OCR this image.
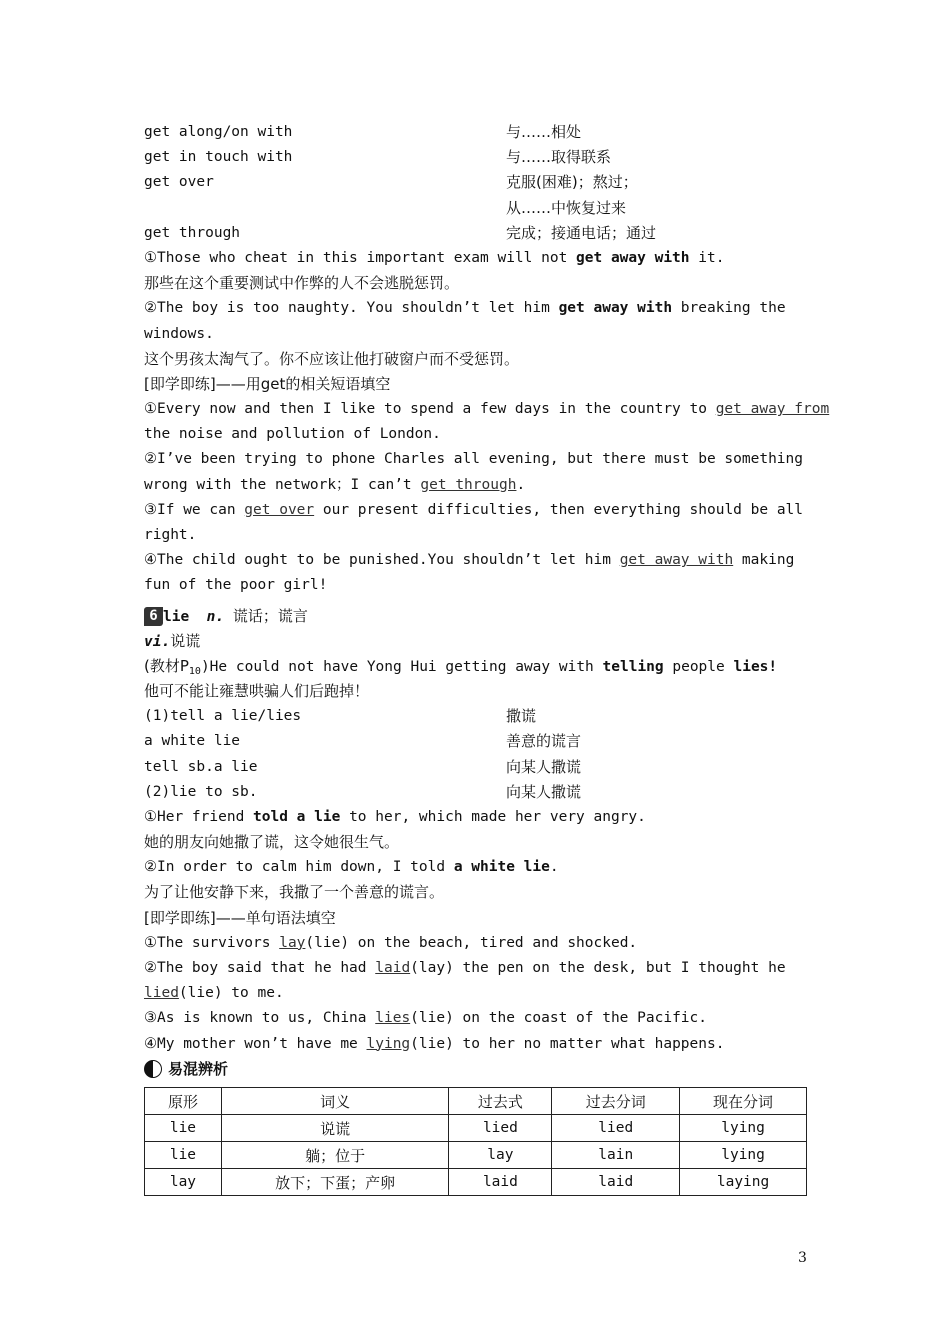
get along/on with	与……相处
get in touch with	与……取得联系
get over	克服(困难)；熬过；
从……中恢复过来
get through	完成；接通电话；通过
①Those who cheat in this important exam will not get away with it.
那些在这个重要测试中作弊的人不会逃脱惩罚。
②The boy is too naughty. You shouldn’t let him get away with breaking the
windows.
这个男孩太淘气了。你不应该让他打破窗户而不受惩罚。
[即学即练]——用get的相关短语填空
①Every now and then I like to spend a few days in the country to get away from
the noise and pollution of London.
②I’ve been trying to phone Charles all evening, but there must be something
wrong with the network；I can’t get through.
③If we can get over our present difficulties, then everything should be all
right.
④The child ought to be punished.You shouldn’t let him get away with making
fun of the poor girl!
6 lie n. 谎话；谎言
vi.说谎
(教材$P_{10})He$ could not have Yong Hui getting away with telling people lies!
他可不能让雍慧哄骗人们后跑掉！
(1)tell a lie/lies	撒谎
a white lie	善意的谎言
tell sb.a lie	向某人撒谎
(2)lie to sb.	向某人撒谎
①Her friend told a lie to her, which made her very angry.
她的朋友向她撒了谎，这令她很生气。
②In order to calm him down, I told a white lie.
为了让他安静下来，我撒了一个善意的谎言。
[即学即练]——单句语法填空
①The survivors lay(lie) on the beach, tired and shocked.
②The boy said that he had laid(lay) the pen on the desk, but I thought he
lied(lie) to me.
③As is known to us, China lies(lie) on the coast of the Pacific.
④My mother won’t have me lying(lie) to her no matter what happens.
易混辨析
原形	词义	过去式	过去分词	现在分词
lie	说谎	lied	lied	lying
lie	躺；位于	lay	lain	lying
lay	放下；下蛋；产卵	laid	laid	laying
3
